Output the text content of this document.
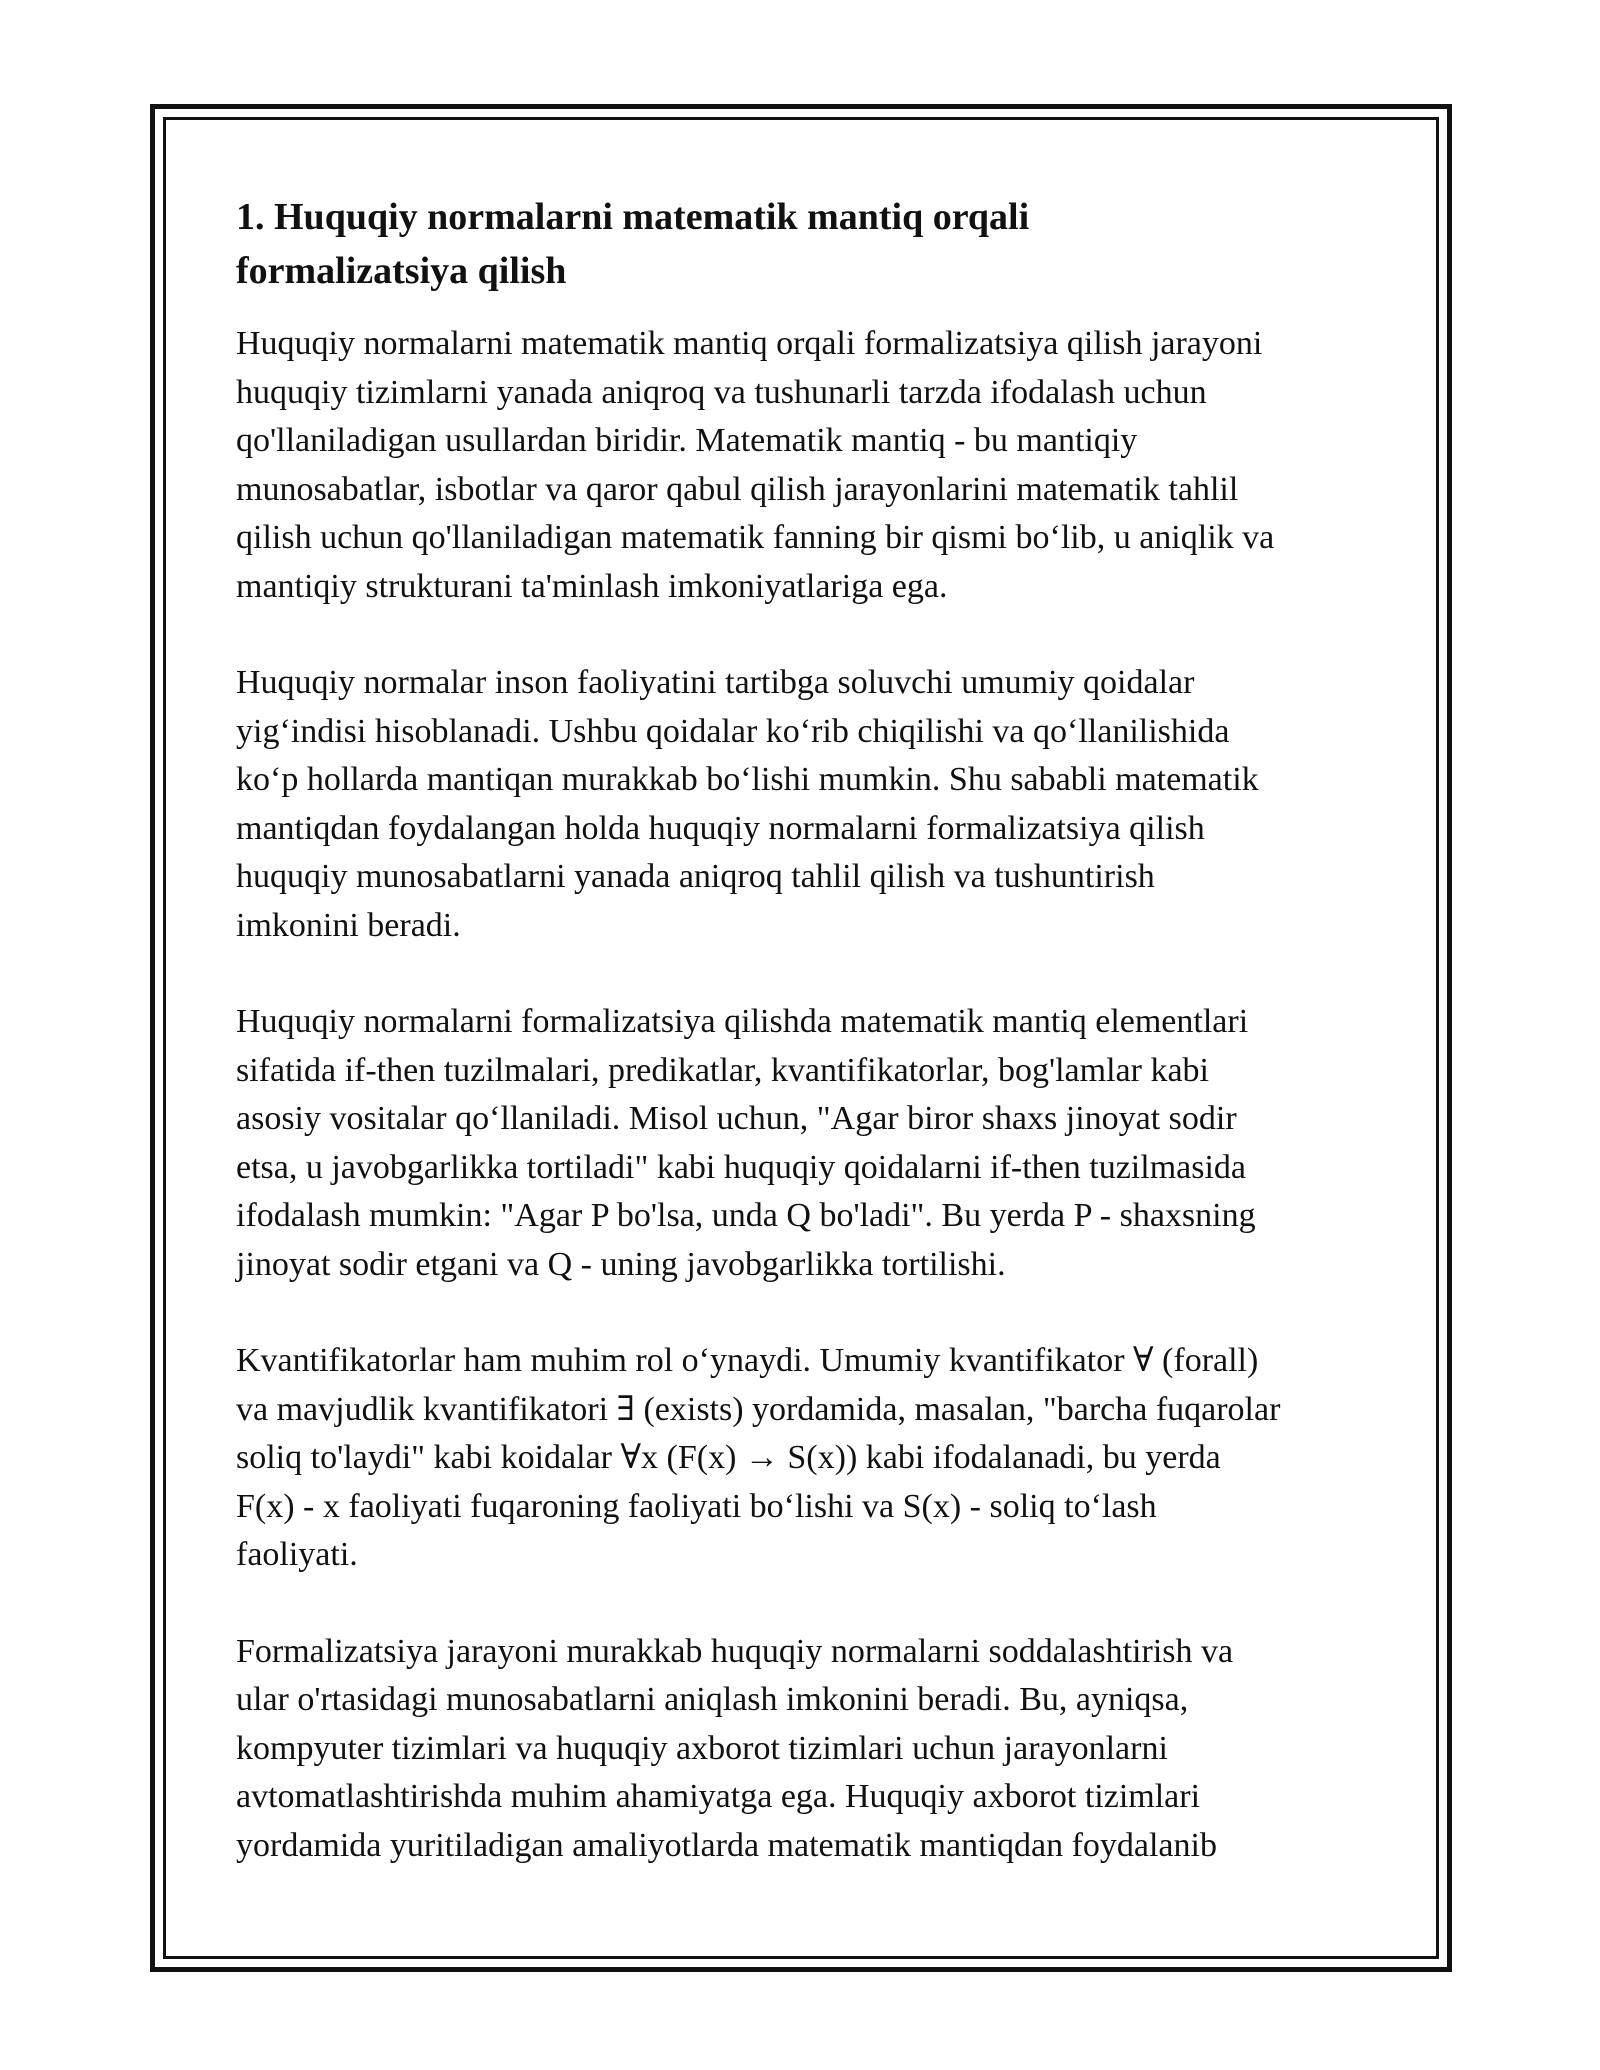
1. Huquqiy normalarni matematik mantiq orqali formalizatsiya qilish

Huquqiy normalarni matematik mantiq orqali formalizatsiya qilish jarayoni
huquqiy tizimlarni yanada aniqroq va tushunarli tarzda ifodalash uchun
qo'llaniladigan usullardan biridir. Matematik mantiq - bu mantiqiy
munosabatlar, isbotlar va qaror qabul qilish jarayonlarini matematik tahlil
qilish uchun qo'llaniladigan matematik fanning bir qismi bo‘lib, u aniqlik va
mantiqiy strukturani ta'minlash imkoniyatlariga ega.

Huquqiy normalar inson faoliyatini tartibga soluvchi umumiy qoidalar
yig‘indisi hisoblanadi. Ushbu qoidalar ko‘rib chiqilishi va qo‘llanilishida
ko‘p hollarda mantiqan murakkab bo‘lishi mumkin. Shu sababli matematik
mantiqdan foydalangan holda huquqiy normalarni formalizatsiya qilish
huquqiy munosabatlarni yanada aniqroq tahlil qilish va tushuntirish
imkonini beradi.

Huquqiy normalarni formalizatsiya qilishda matematik mantiq elementlari
sifatida if-then tuzilmalari, predikatlar, kvantifikatorlar, bog'lamlar kabi
asosiy vositalar qo‘llaniladi. Misol uchun, "Agar biror shaxs jinoyat sodir
etsa, u javobgarlikka tortiladi" kabi huquqiy qoidalarni if-then tuzilmasida
ifodalash mumkin: "Agar P bo'lsa, unda Q bo'ladi". Bu yerda P - shaxsning
jinoyat sodir etgani va Q - uning javobgarlikka tortilishi.

Kvantifikatorlar ham muhim rol o‘ynaydi. Umumiy kvantifikator ∀ (forall)
va mavjudlik kvantifikatori ∃ (exists) yordamida, masalan, "barcha fuqarolar
soliq to'laydi" kabi koidalar ∀x (F(x) → S(x)) kabi ifodalanadi, bu yerda
F(x) - x faoliyati fuqaroning faoliyati bo‘lishi va S(x) - soliq to‘lash
faoliyati.

Formalizatsiya jarayoni murakkab huquqiy normalarni soddalashtirish va
ular o'rtasidagi munosabatlarni aniqlash imkonini beradi. Bu, ayniqsa,
kompyuter tizimlari va huquqiy axborot tizimlari uchun jarayonlarni
avtomatlashtirishda muhim ahamiyatga ega. Huquqiy axborot tizimlari
yordamida yuritiladigan amaliyotlarda matematik mantiqdan foydalanib
